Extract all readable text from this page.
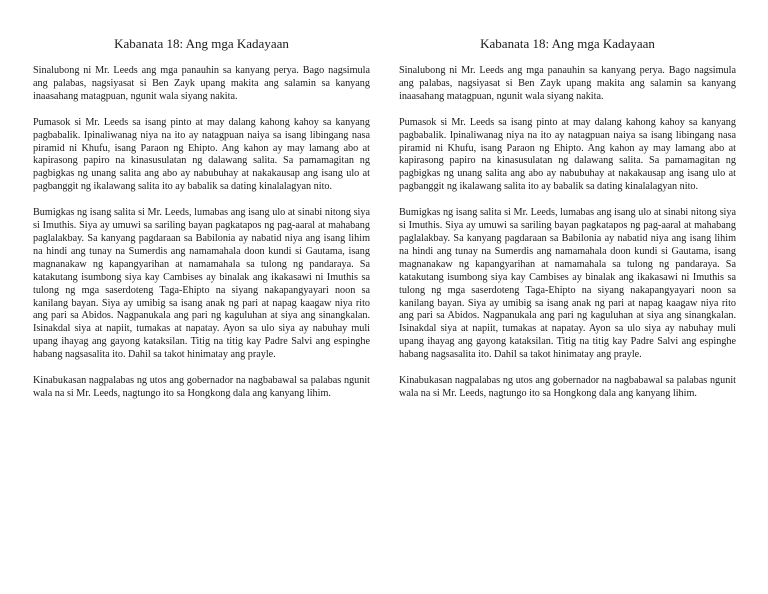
Kabanata 18: Ang mga Kadayaan

Sinalubong ni Mr. Leeds ang mga panauhin sa kanyang perya. Bago nagsimula ang palabas, nagsiyasat si Ben Zayk upang makita ang salamin sa kanyang inaasahang matagpuan, ngunit wala siyang nakita.

Pumasok si Mr. Leeds sa isang pinto at may dalang kahong kahoy sa kanyang pagbabalik. Ipinaliwanag niya na ito ay natagpuan naiya sa isang libingang nasa piramid ni Khufu, isang Paraon ng Ehipto. Ang kahon ay may lamang abo at kapirasong papiro na kinasusulatan ng dalawang salita. Sa pamamagitan ng pagbigkas ng unang salita ang abo ay nabubuhay at nakakausap ang isang ulo at pagbanggit ng ikalawang salita ito ay babalik sa dating kinalalagyan nito.

Bumigkas ng isang salita si Mr. Leeds, lumabas ang isang ulo at sinabi nitong siya si Imuthis. Siya ay umuwi sa sariling bayan pagkatapos ng pag-aaral at mahabang paglalakbay. Sa kanyang pagdaraan sa Babilonia ay nabatid niya ang isang lihim na hindi ang tunay na Sumerdis ang namamahala doon kundi si Gautama, isang magnanakaw ng kapangyarihan at namamahala sa tulong ng pandaraya. Sa katakutang isumbong siya kay Cambises ay binalak ang ikakasawi ni Imuthis sa tulong ng mga saserdoteng Taga-Ehipto na siyang nakapangyayari noon sa kanilang bayan. Siya ay umibig sa isang anak ng pari at napag kaagaw niya rito ang pari sa Abidos. Nagpanukala ang pari ng kaguluhan at siya ang sinangkalan. Isinakdal siya at napiit, tumakas at napatay. Ayon sa ulo siya ay nabuhay muli upang ihayag ang gayong kataksilan. Titig na titig kay Padre Salvi ang espinghe habang nagsasalita ito. Dahil sa takot hinimatay ang prayle.

Kinabukasan nagpalabas ng utos ang gobernador na nagbabawal sa palabas ngunit wala na si Mr. Leeds, nagtungo ito sa Hongkong dala ang kanyang lihim.

Kabanata 18: Ang mga Kadayaan

Sinalubong ni Mr. Leeds ang mga panauhin sa kanyang perya. Bago nagsimula ang palabas, nagsiyasat si Ben Zayk upang makita ang salamin sa kanyang inaasahang matagpuan, ngunit wala siyang nakita.

Pumasok si Mr. Leeds sa isang pinto at may dalang kahong kahoy sa kanyang pagbabalik. Ipinaliwanag niya na ito ay natagpuan naiya sa isang libingang nasa piramid ni Khufu, isang Paraon ng Ehipto. Ang kahon ay may lamang abo at kapirasong papiro na kinasusulatan ng dalawang salita. Sa pamamagitan ng pagbigkas ng unang salita ang abo ay nabubuhay at nakakausap ang isang ulo at pagbanggit ng ikalawang salita ito ay babalik sa dating kinalalagyan nito.

Bumigkas ng isang salita si Mr. Leeds, lumabas ang isang ulo at sinabi nitong siya si Imuthis. Siya ay umuwi sa sariling bayan pagkatapos ng pag-aaral at mahabang paglalakbay. Sa kanyang pagdaraan sa Babilonia ay nabatid niya ang isang lihim na hindi ang tunay na Sumerdis ang namamahala doon kundi si Gautama, isang magnanakaw ng kapangyarihan at namamahala sa tulong ng pandaraya. Sa katakutang isumbong siya kay Cambises ay binalak ang ikakasawi ni Imuthis sa tulong ng mga saserdoteng Taga-Ehipto na siyang nakapangyayari noon sa kanilang bayan. Siya ay umibig sa isang anak ng pari at napag kaagaw niya rito ang pari sa Abidos. Nagpanukala ang pari ng kaguluhan at siya ang sinangkalan. Isinakdal siya at napiit, tumakas at napatay. Ayon sa ulo siya ay nabuhay muli upang ihayag ang gayong kataksilan. Titig na titig kay Padre Salvi ang espinghe habang nagsasalita ito. Dahil sa takot hinimatay ang prayle.

Kinabukasan nagpalabas ng utos ang gobernador na nagbabawal sa palabas ngunit wala na si Mr. Leeds, nagtungo ito sa Hongkong dala ang kanyang lihim.
